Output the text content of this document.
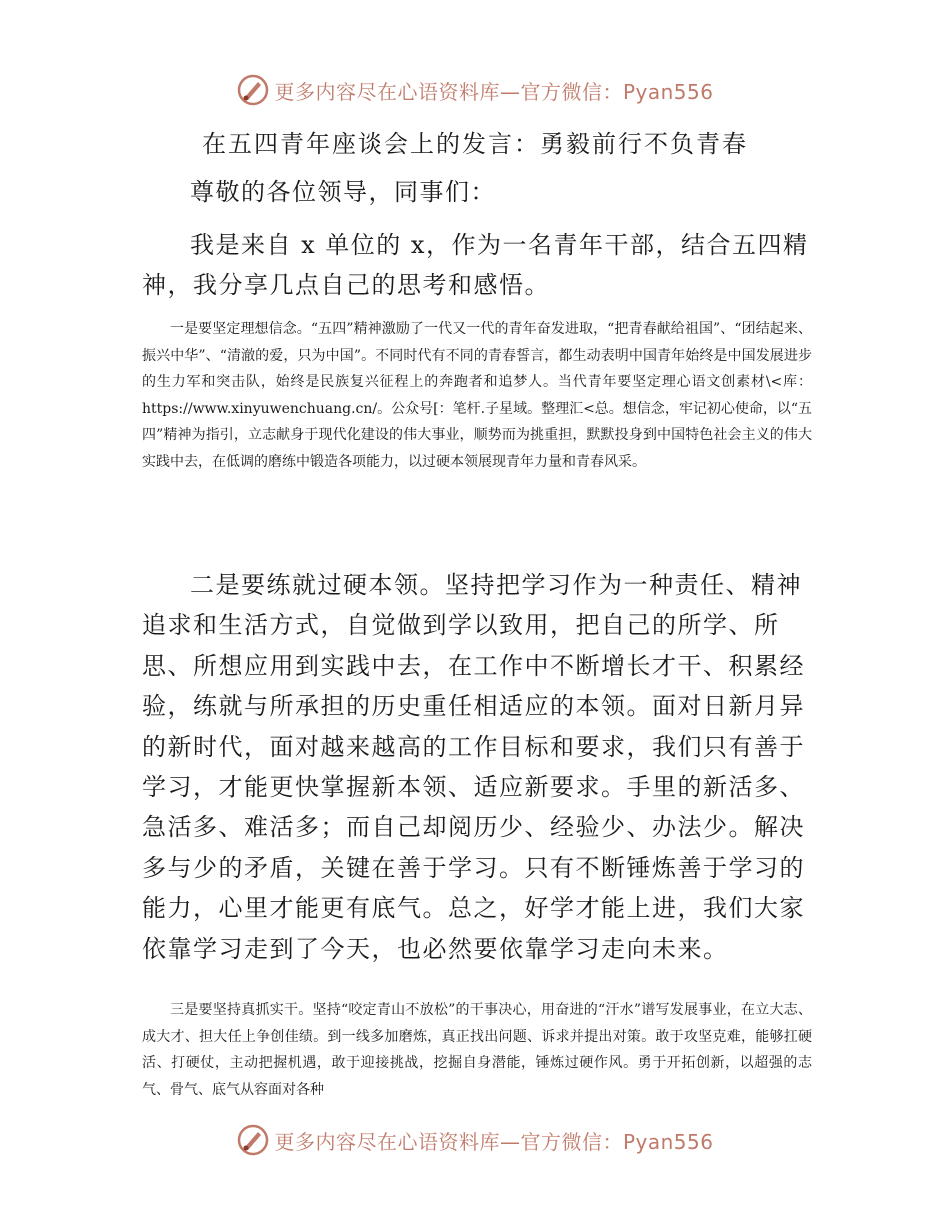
更多内容尽在心语资料库—官方微信：Pyan556
在五四青年座谈会上的发言：勇毅前行不负青春

尊敬的各位领导，同事们：

我是来自 x 单位的 x，作为一名青年干部，结合五四精神，我分享几点自己的思考和感悟。

一是要坚定理想信念。“五四”精神激励了一代又一代的青年奋发进取，“把青春献给祖国”、“团结起来、振兴中华”、“清澈的爱，只为中国”。不同时代有不同的青春誓言，都生动表明中国青年始终是中国发展进步的生力军和突击队，始终是民族复兴征程上的奔跑者和追梦人。当代青年要坚定理心语文创素材\<库：https://www.xinyuwenchuang.cn/。公众号[：笔杆.子星域。整理汇<总。想信念，牢记初心使命，以“五四”精神为指引，立志献身于现代化建设的伟大事业，顺势而为挑重担，默默投身到中国特色社会主义的伟大实践中去，在低调的磨练中锻造各项能力，以过硬本领展现青年力量和青春风采。

二是要练就过硬本领。坚持把学习作为一种责任、精神追求和生活方式，自觉做到学以致用，把自己的所学、所思、所想应用到实践中去，在工作中不断增长才干、积累经验，练就与所承担的历史重任相适应的本领。面对日新月异的新时代，面对越来越高的工作目标和要求，我们只有善于学习，才能更快掌握新本领、适应新要求。手里的新活多、急活多、难活多；而自己却阅历少、经验少、办法少。解决多与少的矛盾，关键在善于学习。只有不断锤炼善于学习的能力，心里才能更有底气。总之，好学才能上进，我们大家依靠学习走到了今天，也必然要依靠学习走向未来。

三是要坚持真抓实干。坚持“咬定青山不放松”的干事决心，用奋进的“汗水”谱写发展事业，在立大志、成大才、担大任上争创佳绩。到一线多加磨炼，真正找出问题、诉求并提出对策。敢于攻坚克难，能够扛硬活、打硬仗，主动把握机遇，敢于迎接挑战，挖掘自身潜能，锤炼过硬作风。勇于开拓创新，以超强的志气、骨气、底气从容面对各种

更多内容尽在心语资料库—官方微信：Pyan556
